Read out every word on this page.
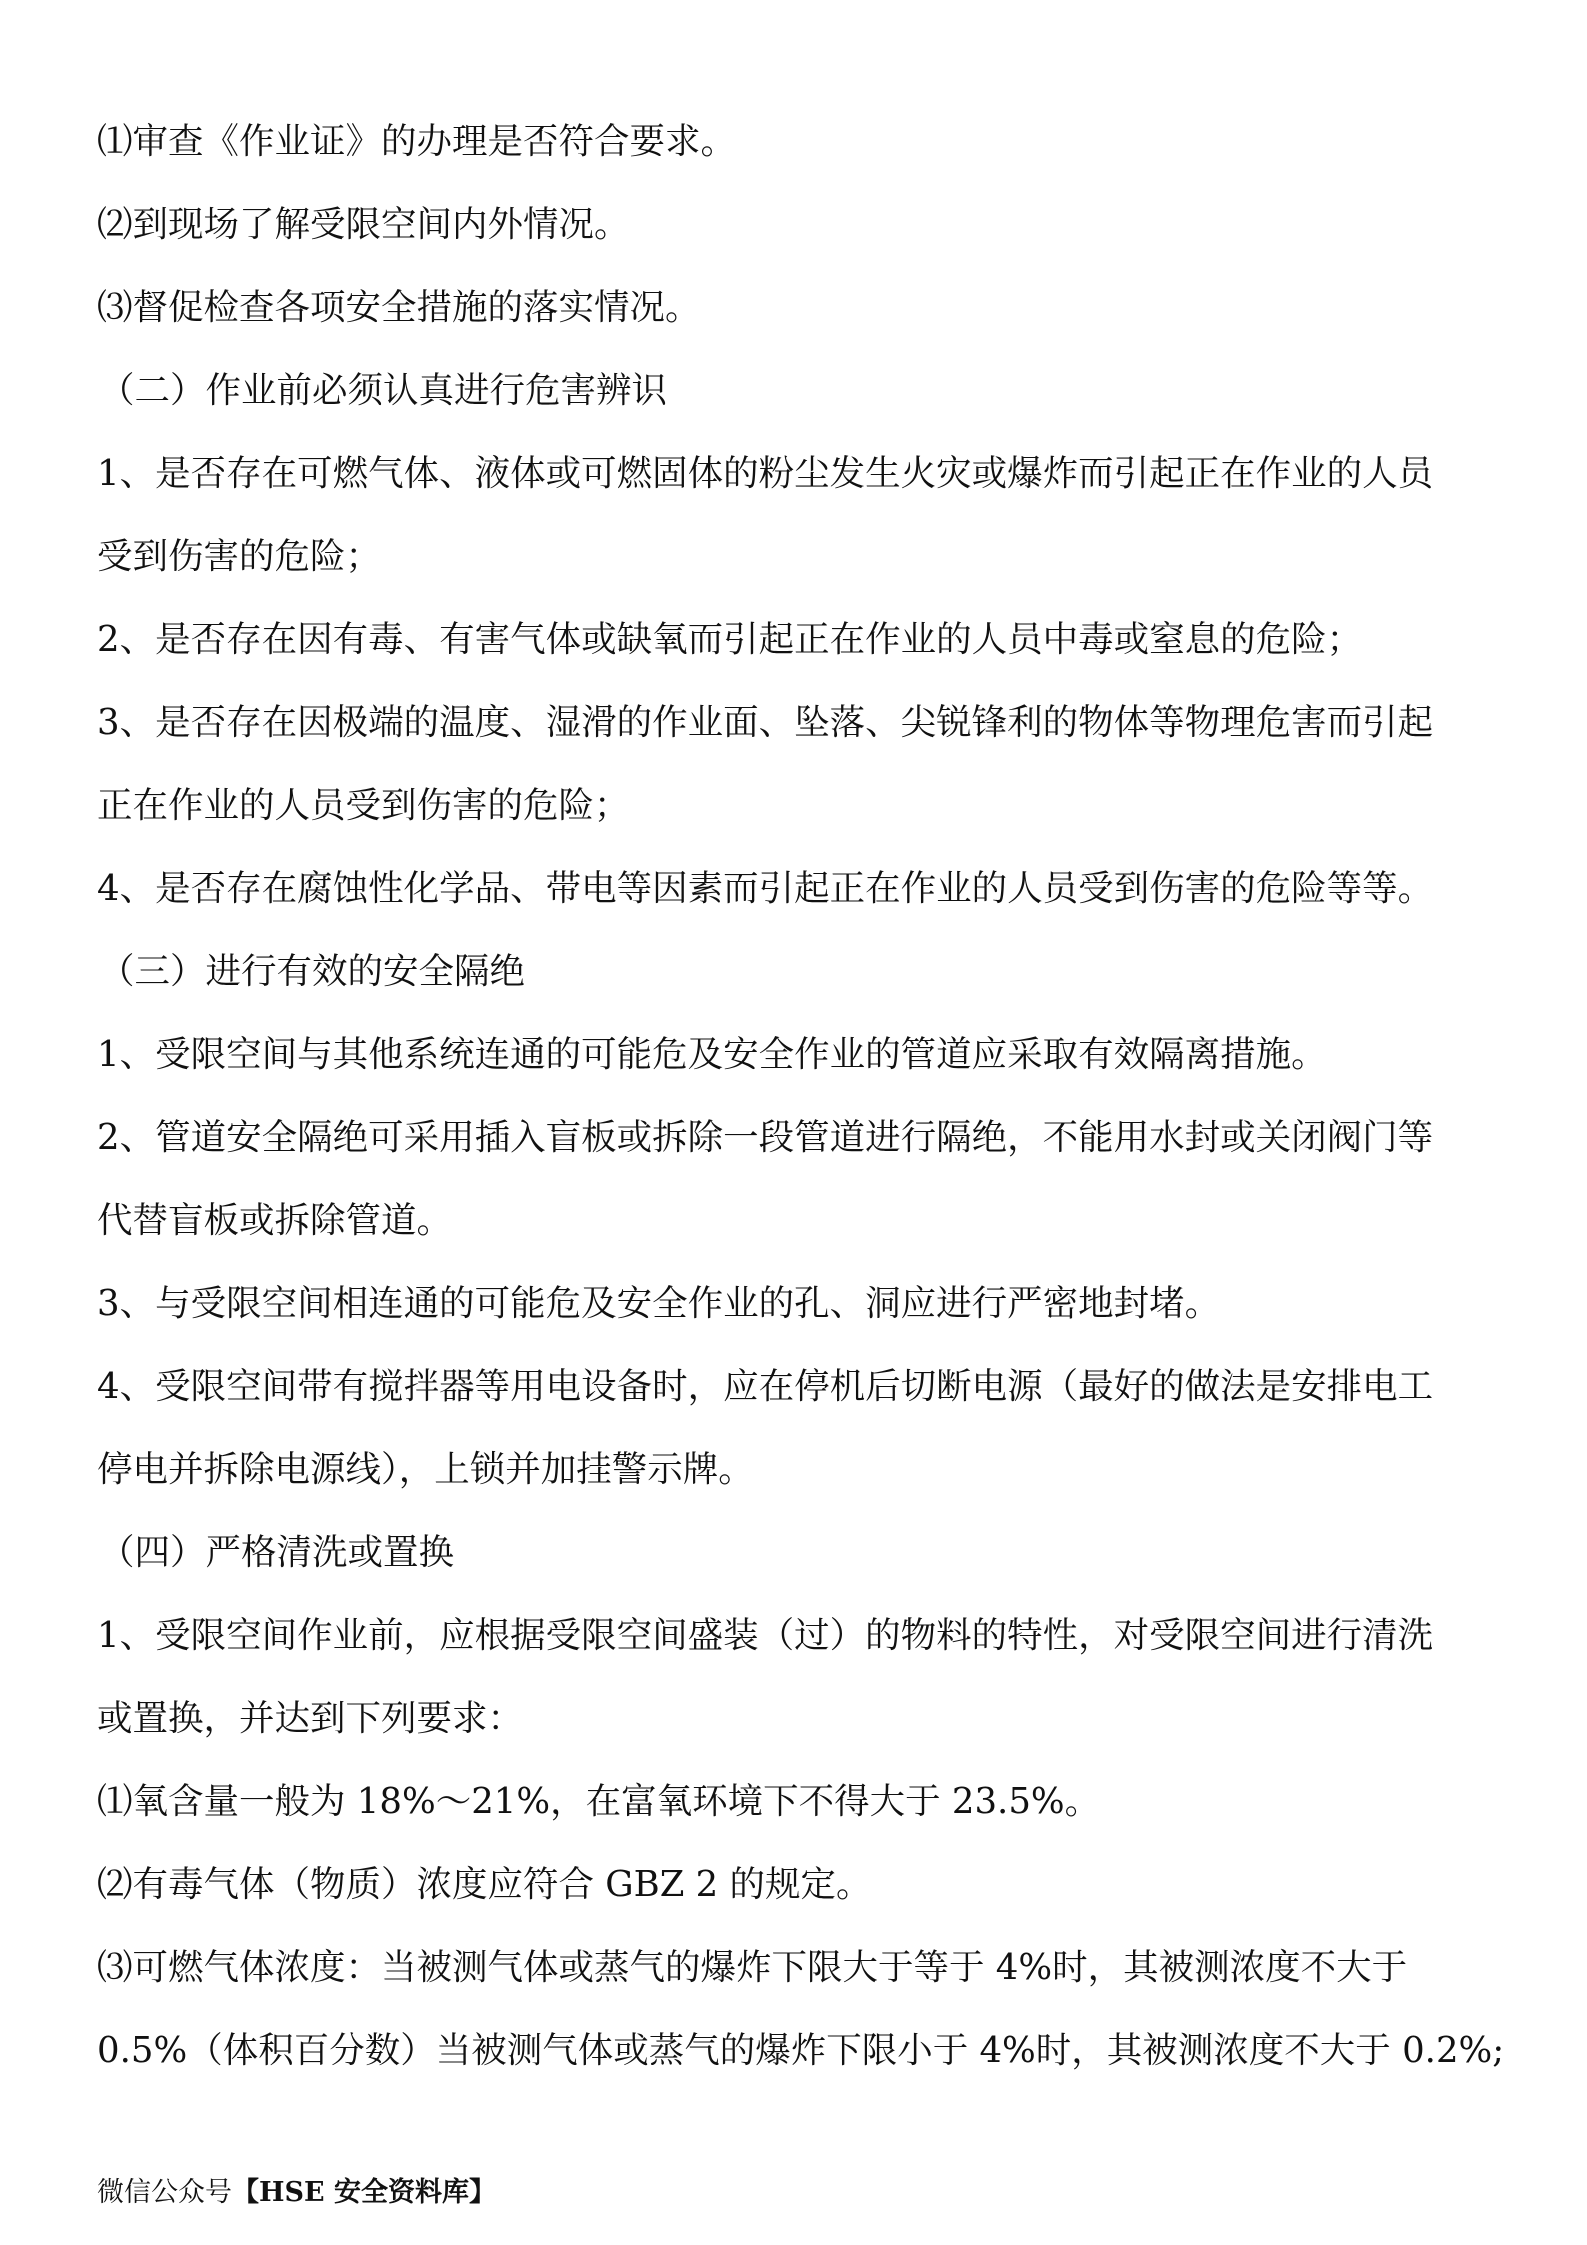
⑴审查《作业证》的办理是否符合要求。
⑵到现场了解受限空间内外情况。
⑶督促检查各项安全措施的落实情况。
（二）作业前必须认真进行危害辨识
1、是否存在可燃气体、液体或可燃固体的粉尘发生火灾或爆炸而引起正在作业的人员
受到伤害的危险；
2、是否存在因有毒、有害气体或缺氧而引起正在作业的人员中毒或窒息的危险；
3、是否存在因极端的温度、湿滑的作业面、坠落、尖锐锋利的物体等物理危害而引起
正在作业的人员受到伤害的危险；
4、是否存在腐蚀性化学品、带电等因素而引起正在作业的人员受到伤害的危险等等。
（三）进行有效的安全隔绝
1、受限空间与其他系统连通的可能危及安全作业的管道应采取有效隔离措施。
2、管道安全隔绝可采用插入盲板或拆除一段管道进行隔绝，不能用水封或关闭阀门等
代替盲板或拆除管道。
3、与受限空间相连通的可能危及安全作业的孔、洞应进行严密地封堵。
4、受限空间带有搅拌器等用电设备时，应在停机后切断电源（最好的做法是安排电工
停电并拆除电源线），上锁并加挂警示牌。
（四）严格清洗或置换
1、受限空间作业前，应根据受限空间盛装（过）的物料的特性，对受限空间进行清洗
或置换，并达到下列要求：
⑴氧含量一般为 18%～21%，在富氧环境下不得大于 23.5%。
⑵有毒气体（物质）浓度应符合 GBZ 2 的规定。
⑶可燃气体浓度：当被测气体或蒸气的爆炸下限大于等于 4%时，其被测浓度不大于
0.5%（体积百分数）当被测气体或蒸气的爆炸下限小于 4%时，其被测浓度不大于 0.2%;
微信公众号【HSE 安全资料库】
